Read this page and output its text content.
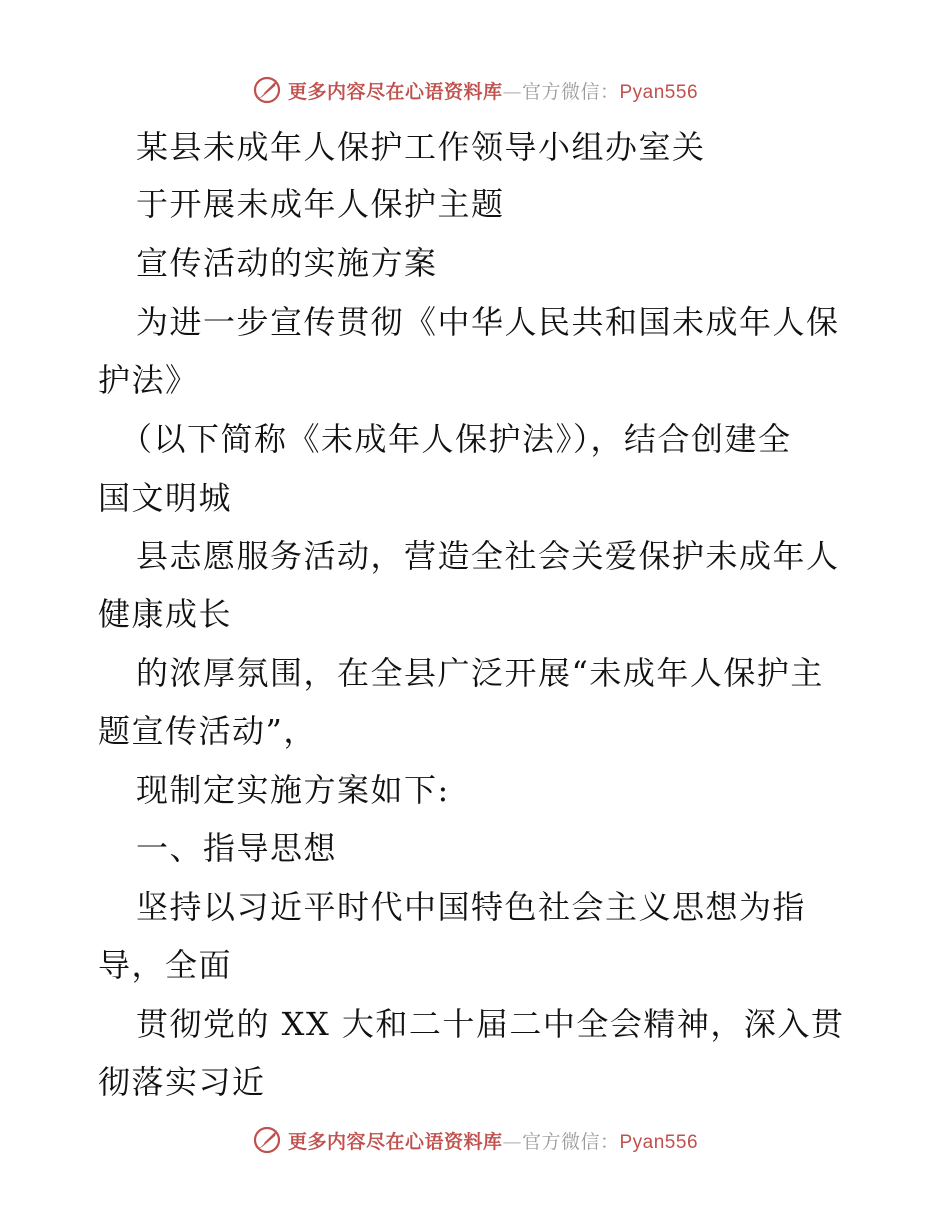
更多内容尽在心语资料库—官方微信：Pyan556
某县未成年人保护工作领导小组办室关
于开展未成年人保护主题
宣传活动的实施方案
为进一步宣传贯彻《中华人民共和国未成年人保
护法》
（以下简称《未成年人保护法》），结合创建全
国文明城
县志愿服务活动，营造全社会关爱保护未成年人
健康成长
的浓厚氛围，在全县广泛开展“未成年人保护主
题宣传活动”，
现制定实施方案如下:
一、指导思想
坚持以习近平时代中国特色社会主义思想为指
导，全面
贯彻党的 XX 大和二十届二中全会精神，深入贯
彻落实习近
更多内容尽在心语资料库—官方微信：Pyan556
